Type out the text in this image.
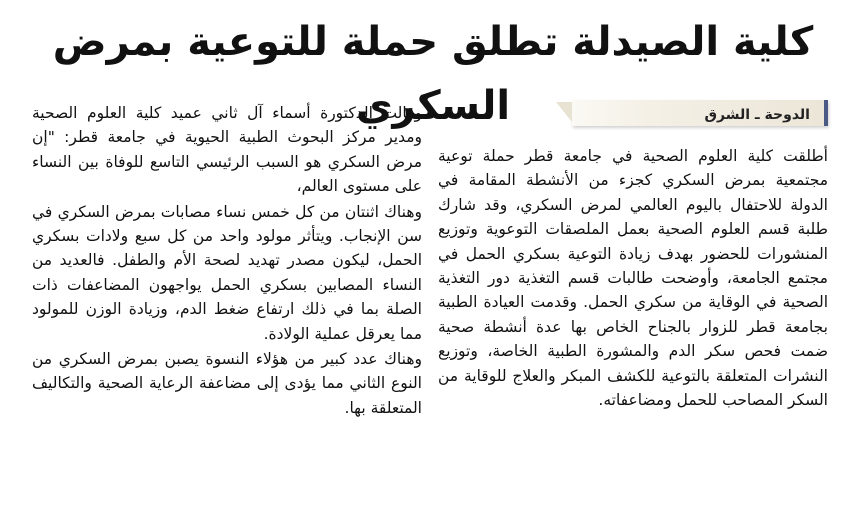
كلية الصيدلة تطلق حملة للتوعية بمرض السكري	الدوحة ـ الشرق

أطلقت كلية العلوم الصحية في جامعة قطر حملة توعية مجتمعية بمرض السكري كجزء من الأنشطة المقامة في الدولة للاحتفال باليوم العالمي لمرض السكري، وقد شارك طلبة قسم العلوم الصحية بعمل الملصقات التوعوية وتوزيع المنشورات للحضور بهدف زيادة التوعية بسكري الحمل في مجتمع الجامعة، وأوضحت طالبات قسم التغذية دور التغذية الصحية في الوقاية من سكري الحمل. وقدمت العيادة الطبية بجامعة قطر للزوار بالجناح الخاص بها عدة أنشطة صحية ضمت فحص سكر الدم والمشورة الطبية الخاصة، وتوزيع النشرات المتعلقة بالتوعية للكشف المبكر والعلاج للوقاية من السكر المصاحب للحمل ومضاعفاته.

وقالت الدكتورة أسماء آل ثاني عميد كلية العلوم الصحية ومدير مركز البحوث الطبية الحيوية في جامعة قطر: "إن مرض السكري هو السبب الرئيسي التاسع للوفاة بين النساء على مستوى العالم،

وهناك اثنتان من كل خمس نساء مصابات بمرض السكري في سن الإنجاب. ويتأثر مولود واحد من كل سبع ولادات بسكري الحمل، ليكون مصدر تهديد لصحة الأم والطفل. فالعديد من النساء المصابين بسكري الحمل يواجهون المضاعفات ذات الصلة بما في ذلك ارتفاع ضغط الدم، وزيادة الوزن للمولود مما يعرقل عملية الولادة.

وهناك عدد كبير من هؤلاء النسوة يصبن بمرض السكري من النوع الثاني مما يؤدى إلى مضاعفة الرعاية الصحية والتكاليف المتعلقة بها.
